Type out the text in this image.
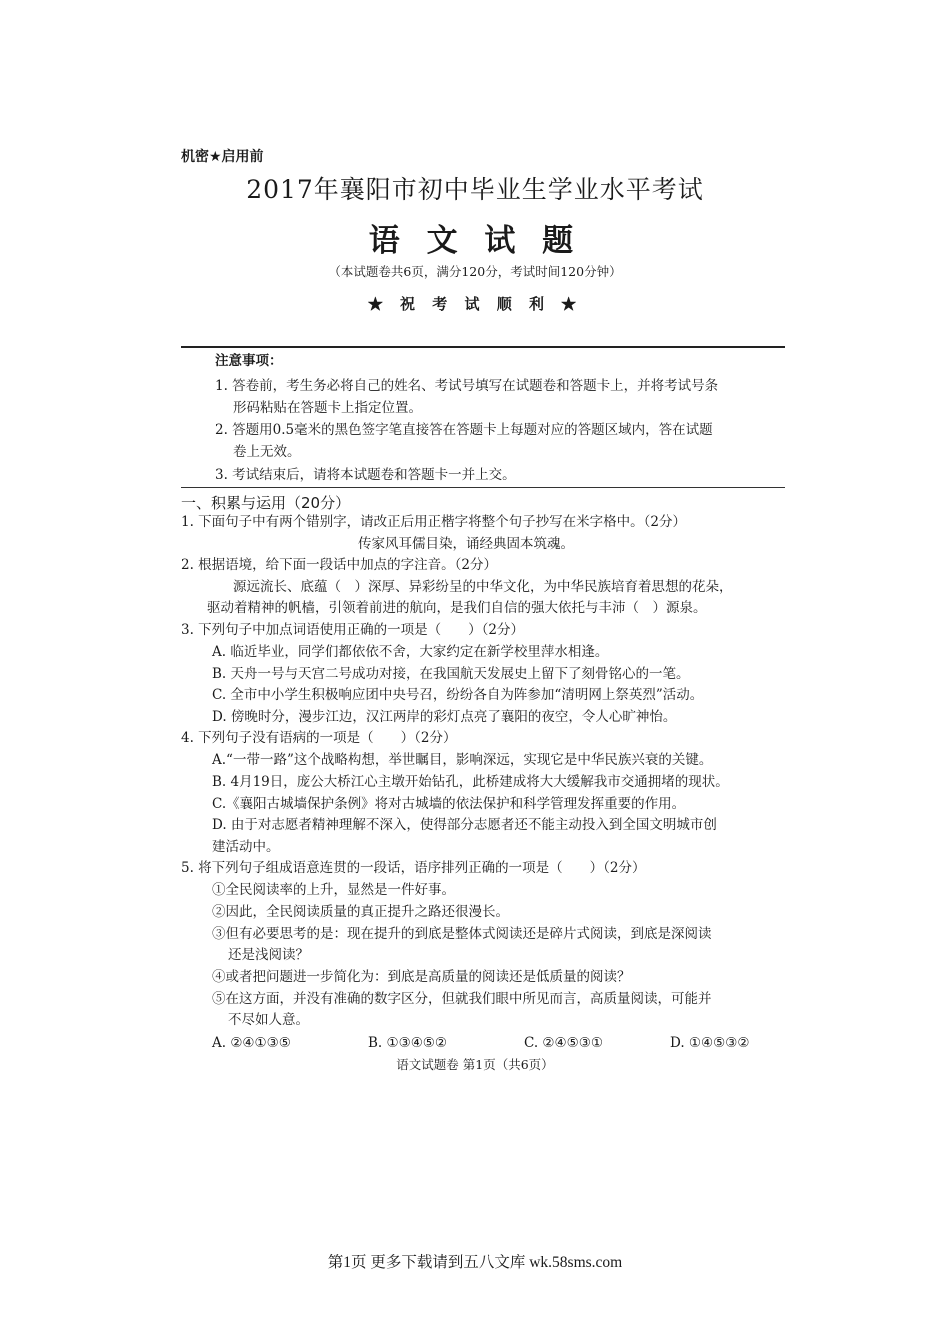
机密★启用前
2017年襄阳市初中毕业生学业水平考试
语 文 试 题
（本试题卷共6页，满分120分，考试时间120分钟）
★ 祝 考 试 顺 利 ★
注意事项：
1. 答卷前，考生务必将自己的姓名、考试号填写在试题卷和答题卡上，并将考试号条
形码粘贴在答题卡上指定位置。
2. 答题用0.5毫米的黑色签字笔直接答在答题卡上每题对应的答题区域内，答在试题
卷上无效。
3. 考试结束后，请将本试题卷和答题卡一并上交。
一、积累与运用（20分）
1. 下面句子中有两个错别字，请改正后用正楷字将整个句子抄写在米字格中。（2分）
传家风耳儒目染，诵经典固本筑魂。
2. 根据语境，给下面一段话中加点的字注音。（2分）
源远流长、底蕴（　）深厚、异彩纷呈的中华文化，为中华民族培育着思想的花朵，
驱动着精神的帆樯，引领着前进的航向，是我们自信的强大依托与丰沛（　）源泉。
3. 下列句子中加点词语使用正确的一项是（　　）（2分）
A. 临近毕业，同学们都依依不舍，大家约定在新学校里萍水相逢。
B. 天舟一号与天宫二号成功对接，在我国航天发展史上留下了刻骨铭心的一笔。
C. 全市中小学生积极响应团中央号召，纷纷各自为阵参加“清明网上祭英烈”活动。
D. 傍晚时分，漫步江边，汉江两岸的彩灯点亮了襄阳的夜空，令人心旷神怡。
4. 下列句子没有语病的一项是（　　）（2分）
A.“一带一路”这个战略构想，举世瞩目，影响深远，实现它是中华民族兴衰的关键。
B. 4月19日，庞公大桥江心主墩开始钻孔，此桥建成将大大缓解我市交通拥堵的现状。
C.《襄阳古城墙保护条例》将对古城墙的依法保护和科学管理发挥重要的作用。
D. 由于对志愿者精神理解不深入，使得部分志愿者还不能主动投入到全国文明城市创
建活动中。
5. 将下列句子组成语意连贯的一段话，语序排列正确的一项是（　　）（2分）
①全民阅读率的上升，显然是一件好事。
②因此，全民阅读质量的真正提升之路还很漫长。
③但有必要思考的是：现在提升的到底是整体式阅读还是碎片式阅读，到底是深阅读
还是浅阅读？
④或者把问题进一步简化为：到底是高质量的阅读还是低质量的阅读？
⑤在这方面，并没有准确的数字区分，但就我们眼中所见而言，高质量阅读，可能并
不尽如人意。
A. ②④①③⑤	B. ①③④⑤②	C. ②④⑤③①	D. ①④⑤③②
语文试题卷 第1页（共6页）
第1页 更多下载请到五八文库 wk.58sms.com
